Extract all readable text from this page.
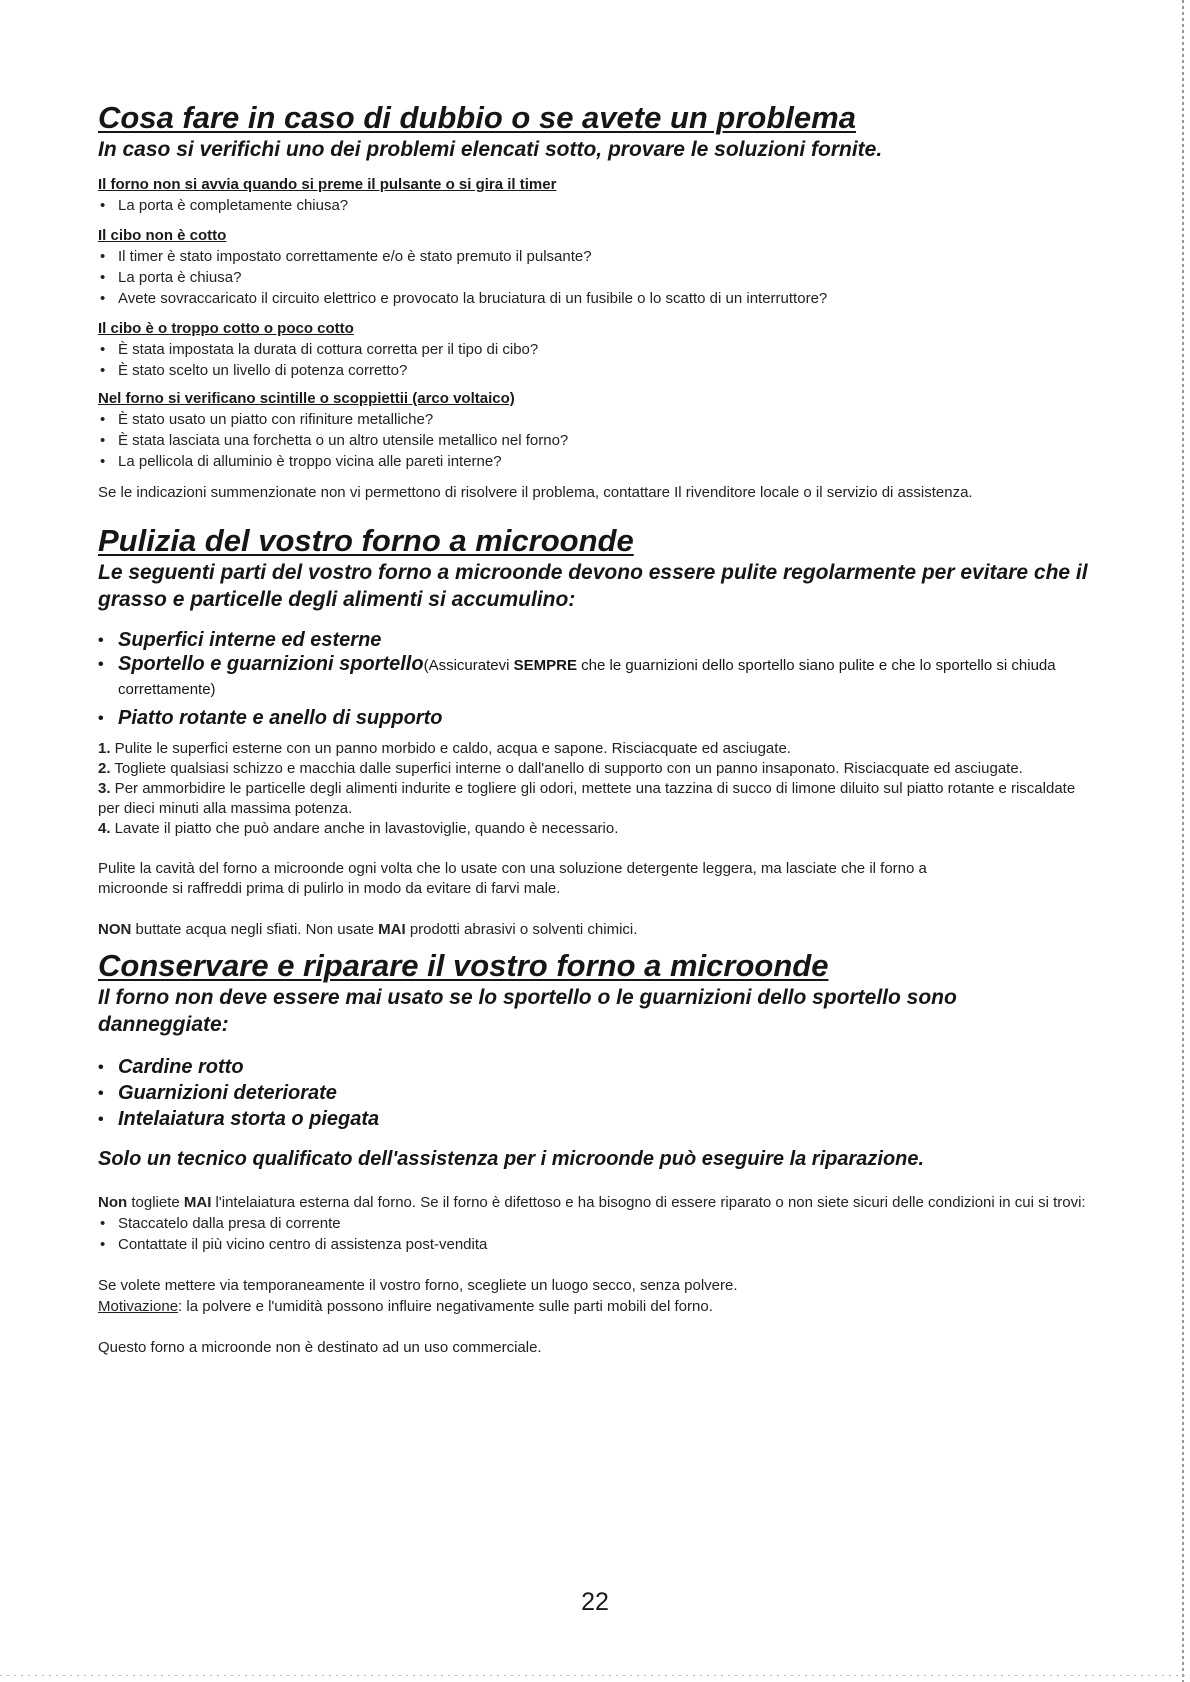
Cosa fare in caso di dubbio o se avete un problema
In caso si verifichi uno dei problemi elencati sotto, provare le soluzioni fornite.

Il forno non si avvia quando si preme il pulsante o si gira il timer

• La porta è completamente chiusa?

Il cibo non è cotto

• Il timer è stato impostato correttamente e/o è stato premuto il pulsante?
• La porta è chiusa?
• Avete sovraccaricato il circuito elettrico e provocato la bruciatura di un fusibile o lo scatto di un interruttore?

Il cibo è o troppo cotto o poco cotto

• È stata impostata la durata di cottura corretta per il tipo di cibo?
• È stato scelto un livello di potenza corretto?

Nel forno si verificano scintille o scoppiettii (arco voltaico)

• È stato usato un piatto con rifiniture metalliche?
• È stata lasciata una forchetta o un altro utensile metallico nel forno?
• La pellicola di alluminio è troppo vicina alle pareti interne?

Se le indicazioni summenzionate non vi permettono di risolvere il problema, contattare Il rivenditore locale o il servizio di assistenza.

Pulizia del vostro forno a microonde
Le seguenti parti del vostro forno a microonde devono essere pulite regolarmente per evitare che il grasso e particelle degli alimenti si accumulino:
• Superfici interne ed esterne
• Sportello e guarnizioni sportello(Assicuratevi SEMPRE che le guarnizioni dello sportello siano pulite e che lo sportello si chiuda correttamente)
• Piatto rotante e anello di supporto
1. Pulite le superfici esterne con un panno morbido e caldo, acqua e sapone. Risciacquate ed asciugate.
2. Togliete qualsiasi schizzo e macchia dalle superfici interne o dall'anello di supporto con un panno insaponato. Risciacquate ed asciugate.
3. Per ammorbidire le particelle degli alimenti indurite e togliere gli odori, mettete una tazzina di succo di limone diluito sul piatto rotante e riscaldate per dieci minuti alla massima potenza.
4. Lavate il piatto che può andare anche in lavastoviglie, quando è necessario.

Pulite la cavità del forno a microonde ogni volta che lo usate con una soluzione detergente leggera, ma lasciate che il forno a
microonde si raffreddi prima di pulirlo in modo da evitare di farvi male.

NON buttate acqua negli sfiati. Non usate MAI prodotti abrasivi o solventi chimici.

Conservare e riparare il vostro forno a microonde
Il forno non deve essere mai usato se lo sportello o le guarnizioni dello sportello sono danneggiate:
• Cardine rotto
• Guarnizioni deteriorate
• Intelaiatura storta o piegata
Solo un tecnico qualificato dell'assistenza per i microonde può eseguire la riparazione.

Non togliete MAI l'intelaiatura esterna dal forno. Se il forno è difettoso e ha bisogno di essere riparato o non siete sicuri delle condizioni in cui si trovi:

• Staccatelo dalla presa di corrente
• Contattate il più vicino centro di assistenza post-vendita

Se volete mettere via temporaneamente il vostro forno, scegliete un luogo secco, senza polvere.

Motivazione: la polvere e l'umidità possono influire negativamente sulle parti mobili del forno.

Questo forno a microonde non è destinato ad un uso commerciale.

22
